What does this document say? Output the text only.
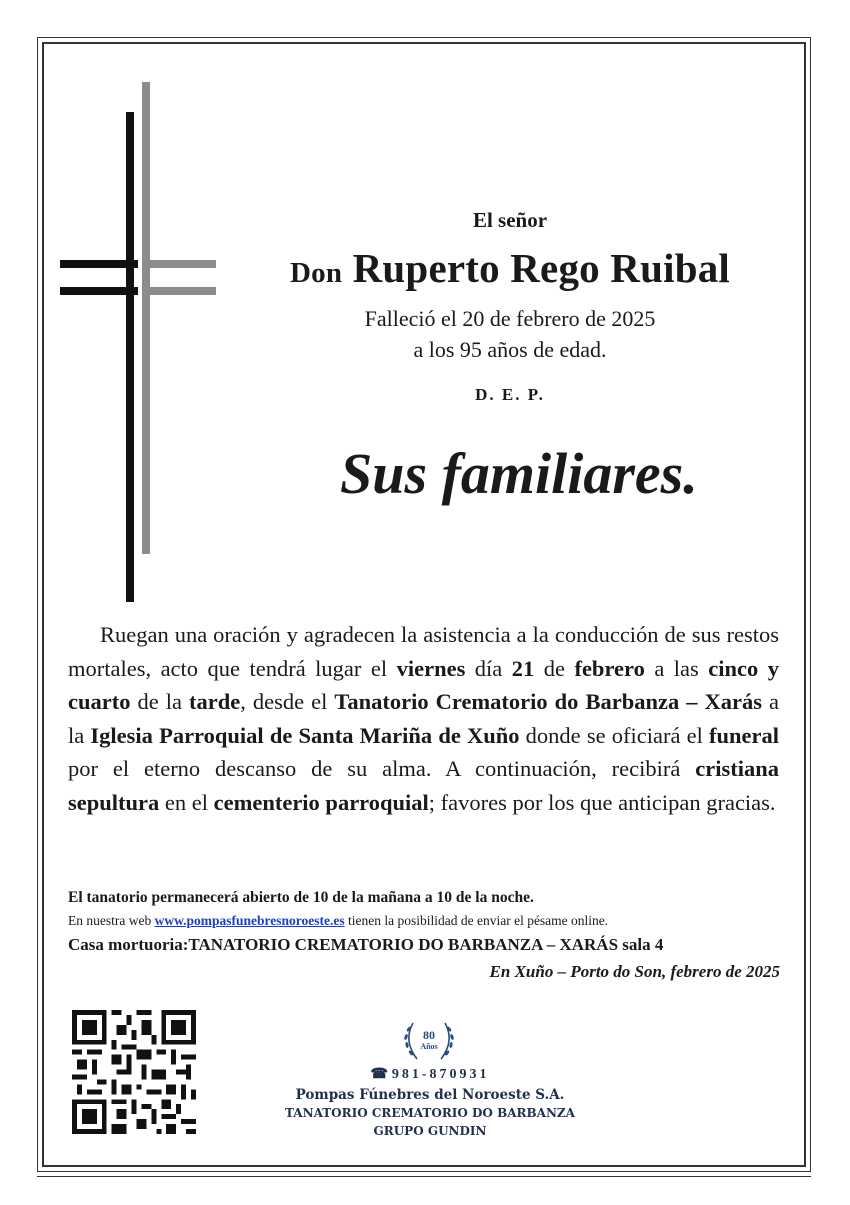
El señor
Don Ruperto Rego Ruibal
Falleció el 20 de febrero de 2025
a los 95 años de edad.
D. E. P.
Sus familiares.
Ruegan una oración y agradecen la asistencia a la conducción de sus restos mortales, acto que tendrá lugar el viernes día 21 de febrero a las cinco y cuarto de la tarde, desde el Tanatorio Crematorio do Barbanza – Xarás a la Iglesia Parroquial de Santa Mariña de Xuño donde se oficiará el funeral por el eterno descanso de su alma. A continuación, recibirá cristiana sepultura en el cementerio parroquial; favores por los que anticipan gracias.
El tanatorio permanecerá abierto de 10 de la mañana a 10 de la noche.
En nuestra web www.pompasfunebresnoroeste.es tienen la posibilidad de enviar el pésame online.
Casa mortuoria:TANATORIO CREMATORIO DO BARBANZA – XARÁS sala 4
En Xuño – Porto do Son, febrero de 2025
80
Años
☎ 981-870931
Pompas Fúnebres del Noroeste S.A.
TANATORIO CREMATORIO DO BARBANZA
GRUPO GUNDIN
